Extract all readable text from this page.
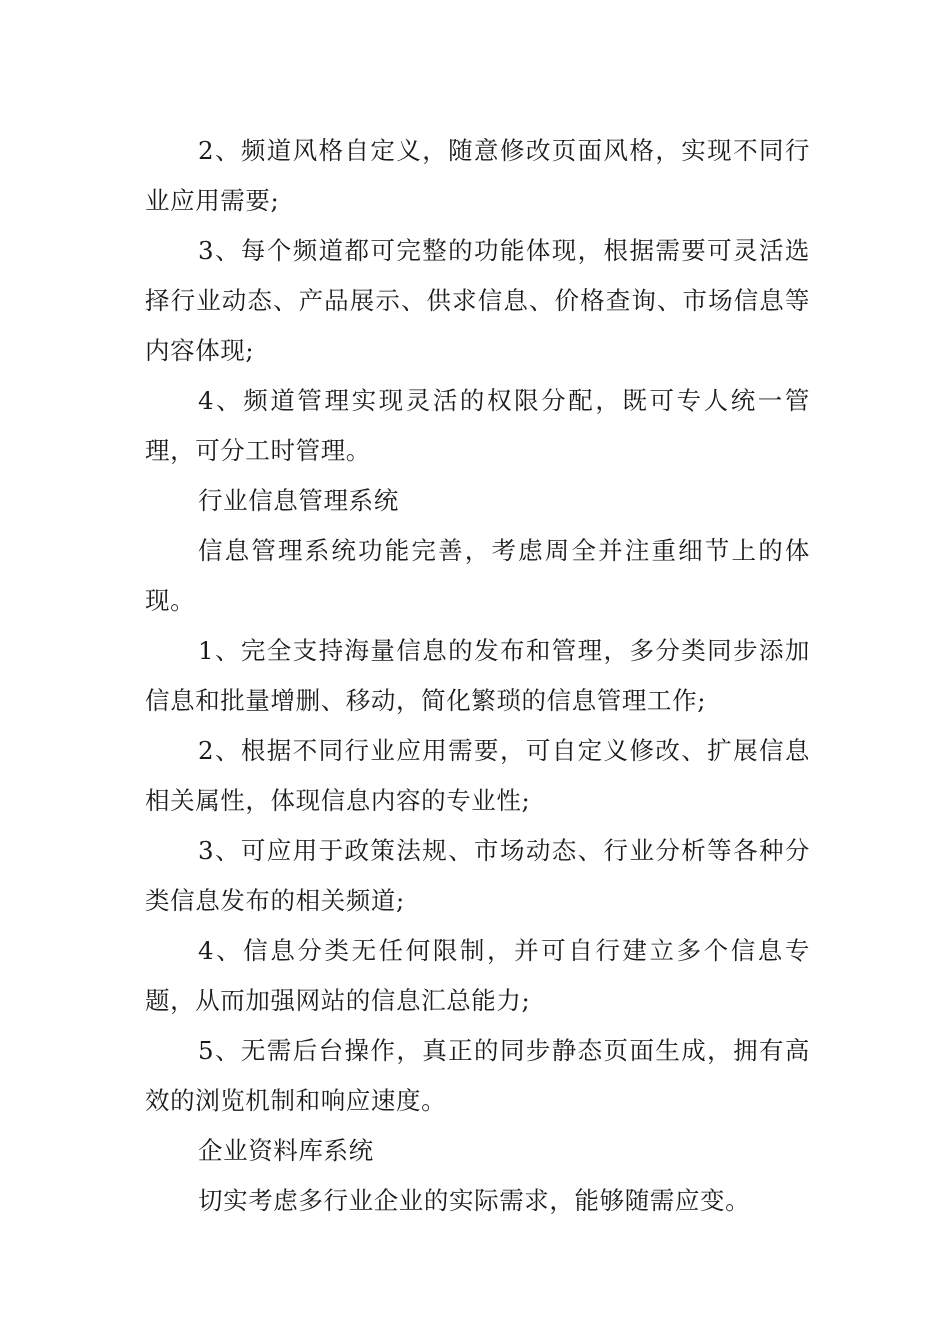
2、频道风格自定义，随意修改页面风格，实现不同行业应用需要;

3、每个频道都可完整的功能体现，根据需要可灵活选择行业动态、产品展示、供求信息、价格查询、市场信息等内容体现;

4、频道管理实现灵活的权限分配，既可专人统一管理，可分工时管理。

行业信息管理系统

信息管理系统功能完善，考虑周全并注重细节上的体现。

1、完全支持海量信息的发布和管理，多分类同步添加信息和批量增删、移动，简化繁琐的信息管理工作;

2、根据不同行业应用需要，可自定义修改、扩展信息相关属性，体现信息内容的专业性;

3、可应用于政策法规、市场动态、行业分析等各种分类信息发布的相关频道;

4、信息分类无任何限制，并可自行建立多个信息专题，从而加强网站的信息汇总能力;

5、无需后台操作，真正的同步静态页面生成，拥有高效的浏览机制和响应速度。

企业资料库系统

切实考虑多行业企业的实际需求，能够随需应变。
